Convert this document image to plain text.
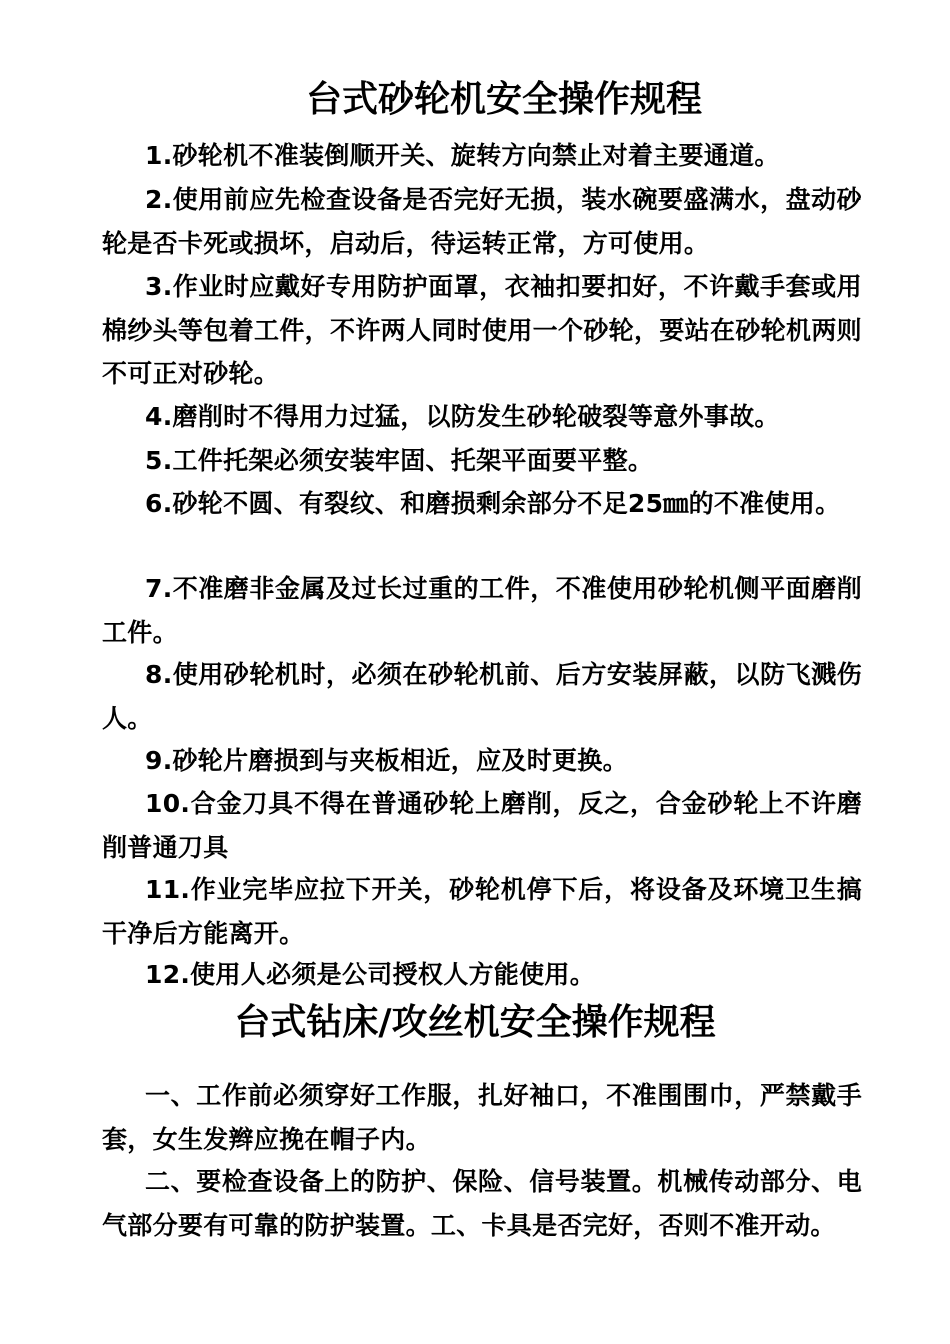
台式砂轮机安全操作规程

1.砂轮机不准装倒顺开关、旋转方向禁止对着主要通道。

2.使用前应先检查设备是否完好无损，装水碗要盛满水，盘动砂轮是否卡死或损坏，启动后，待运转正常，方可使用。

3.作业时应戴好专用防护面罩，衣袖扣要扣好，不许戴手套或用棉纱头等包着工件，不许两人同时使用一个砂轮，要站在砂轮机两则不可正对砂轮。

4.磨削时不得用力过猛，以防发生砂轮破裂等意外事故。

5.工件托架必须安装牢固、托架平面要平整。

6.砂轮不圆、有裂纹、和磨损剩余部分不足25㎜的不准使用。

7.不准磨非金属及过长过重的工件，不准使用砂轮机侧平面磨削工件。

8.使用砂轮机时，必须在砂轮机前、后方安装屏蔽，以防飞溅伤人。

9.砂轮片磨损到与夹板相近，应及时更换。

10.合金刀具不得在普通砂轮上磨削，反之，合金砂轮上不许磨削普通刀具

11.作业完毕应拉下开关，砂轮机停下后，将设备及环境卫生搞干净后方能离开。

12.使用人必须是公司授权人方能使用。

台式钻床/攻丝机安全操作规程

一、工作前必须穿好工作服，扎好袖口，不准围围巾，严禁戴手套，女生发辫应挽在帽子内。

二、要检查设备上的防护、保险、信号装置。机械传动部分、电气部分要有可靠的防护装置。工、卡具是否完好，否则不准开动。
